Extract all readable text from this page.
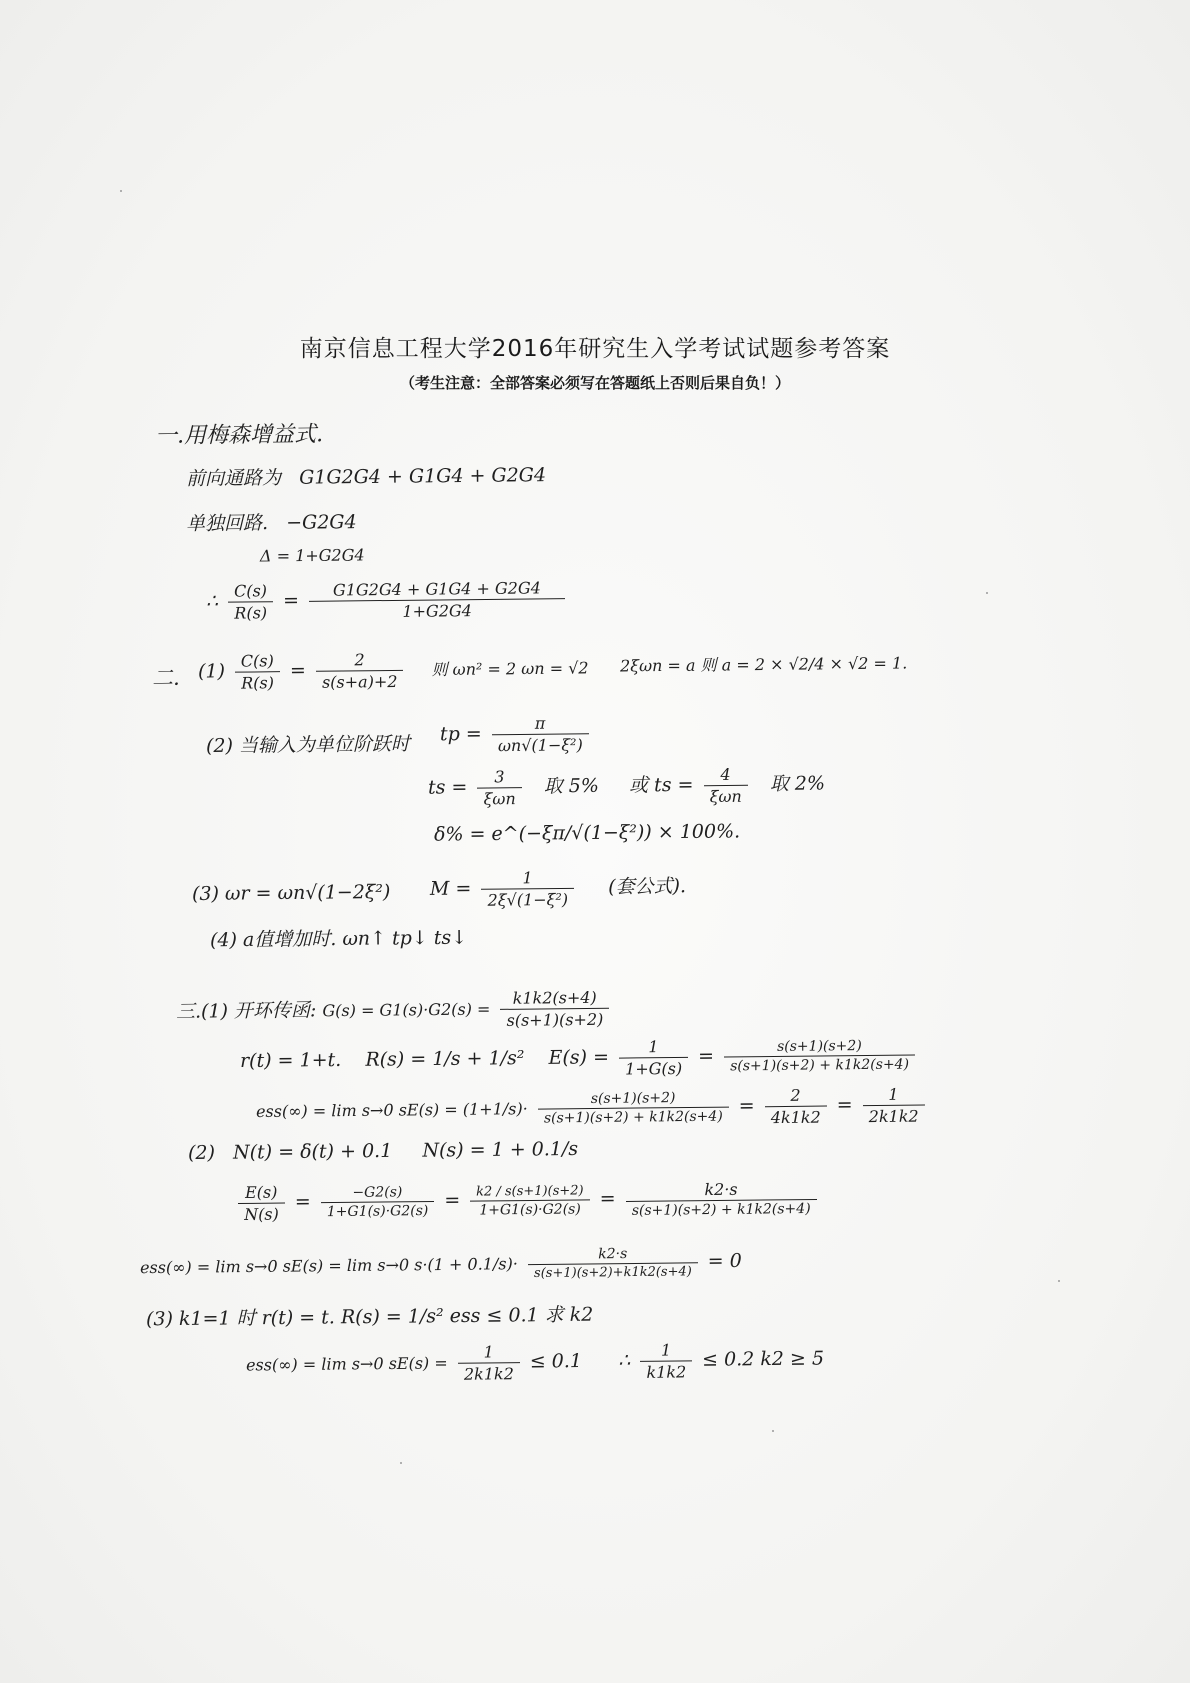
南京信息工程大学2016年研究生入学考试试题参考答案
（考生注意：全部答案必须写在答题纸上否则后果自负！）
一.用梅森增益式.
前向通路为 G1G2G4 + G1G4 + G2G4
单独回路. −G2G4
Δ = 1+G2G4
∴ $\frac{C(s)}{R(s)} = \frac{G1G2G4 + G1G4 + G2G4}{1+G2G4}$
二. $(1) \frac{C(s)}{R(s)} = \frac{2}{s(s+a)+2}$ 则 ωn² = 2 ωn = √2 2ξωn = a 则 a = 2 × √2/4 × √2 = 1.
(2) 当输入为单位阶跃时 tp = $\frac{\pi}{\text{ωn√(1−ξ²)}}$
ts = $\frac{3}{\text{ξωn}}$ 取 5% 或 ts = $\frac{4}{\text{ξωn}}$ 取 2%
δ% = e^(−ξπ/√(1−ξ²)) × 100%.
(3) ωr = ωn√(1−2ξ²) $M = \frac{1}{\text{2ξ√(1−ξ²)}}$ (套公式).
(4) a值增加时. ωn↑ tp↓ ts↓
三.(1) 开环传函: $G(s) = G1(s)\cdot G2(s) = \frac{k1k2(s+4)}{s(s+1)(s+2)}$
r(t) = 1+t. R(s) = 1/s + 1/s² $E(s) = \frac{1}{1+G(s)} = \frac{s(s+1)(s+2)}{s(s+1)(s+2) + k1k2(s+4)}$
ess(∞) = lim s→0 $sE(s) = (1+1/s)\cdot \frac{s(s+1)(s+2)}{s(s+1)(s+2) + k1k2(s+4)} = \frac{2}{4k1k2} = \frac{1}{2k1k2}$
(2) N(t) = δ(t) + 0.1 N(s) = 1 + 0.1/s
$\frac{E(s)}{N(s)} = \frac{-G2(s)}{1+G1(s)\cdot G2(s)} = \frac{k2 / s(s+1)(s+2)}{1+G1(s)\cdot G2(s)} = \frac{k2\cdot s}{s(s+1)(s+2) + k1k2(s+4)}$
ess(∞) = lim s→0 sE(s) = lim s→0 $s\cdot(1 + 0.1/s)\cdot \frac{k2\cdot s}{s(s+1)(s+2)+k1k2(s+4)} = 0$
(3) k1=1 时 r(t) = t. R(s) = 1/s² ess ≤ 0.1 求 k2
ess(∞) = lim s→0 $sE(s) = \frac{1}{2k1k2} \le 0.1$ ∴ $\frac{1}{k1k2} \le 0.2$ k2 ≥ 5
